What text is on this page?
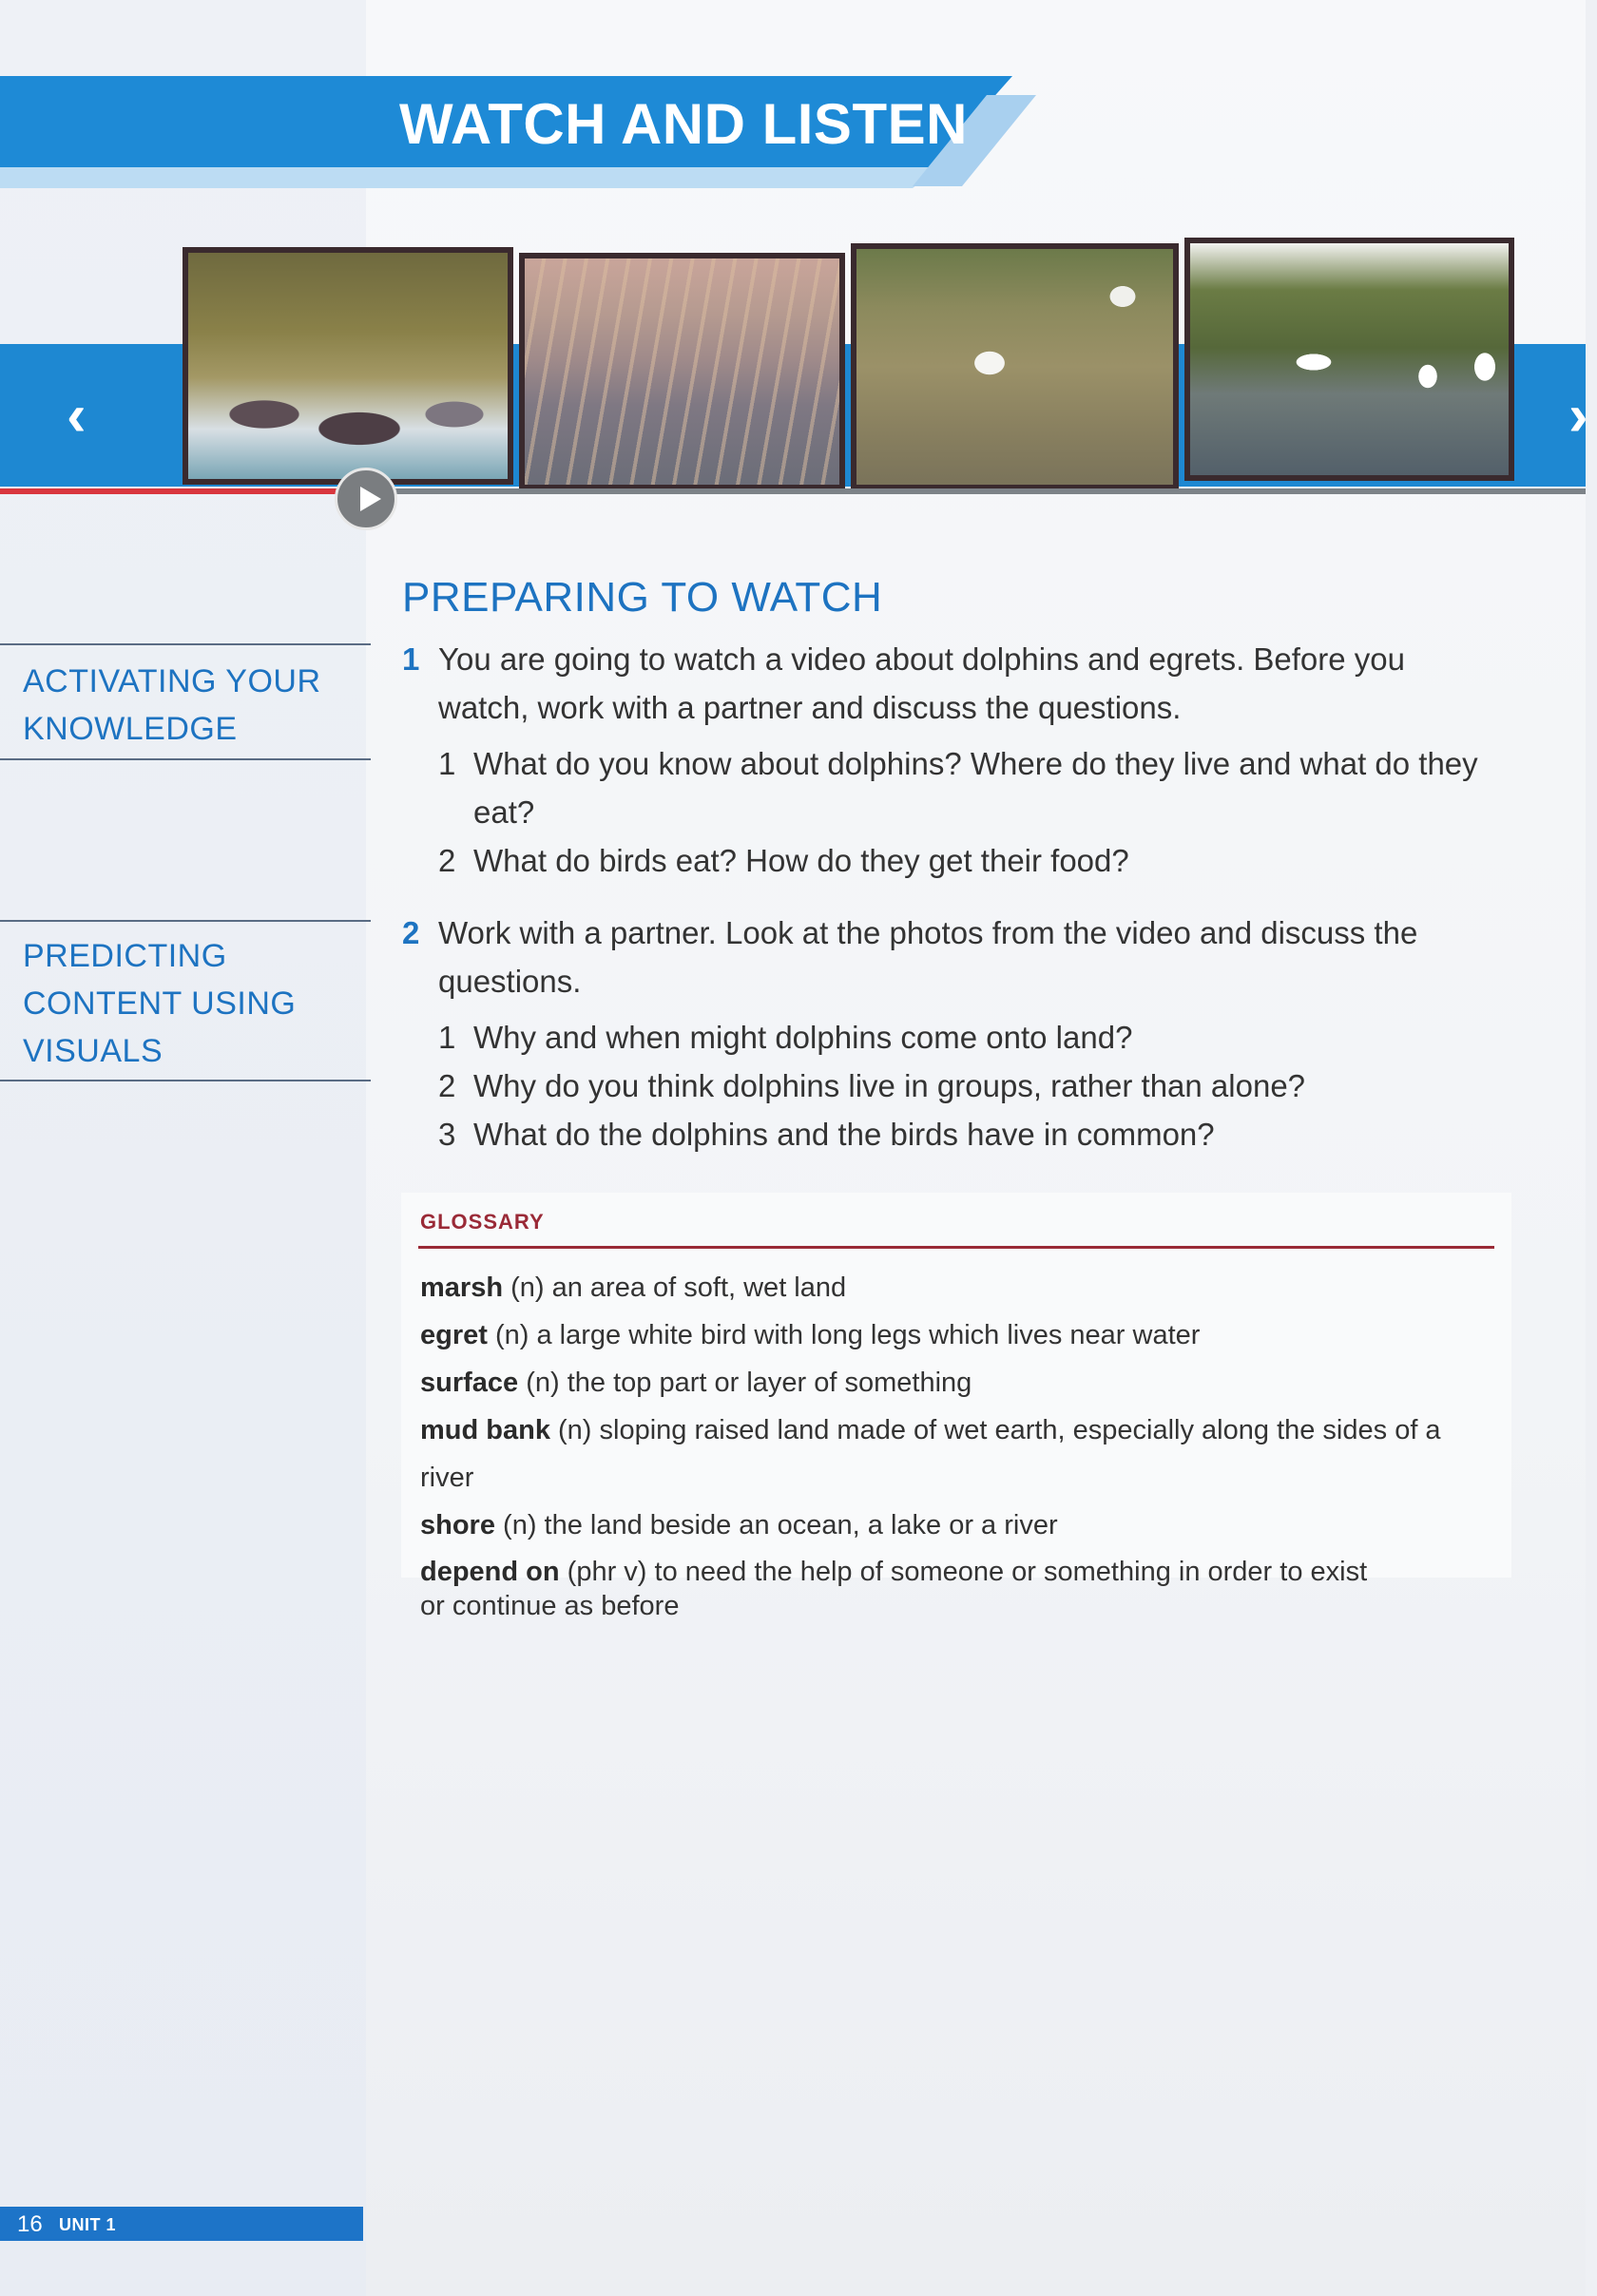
WATCH AND LISTEN
‹	›
ACTIVATING YOUR
KNOWLEDGE
PREDICTING
CONTENT USING
VISUALS
PREPARING TO WATCH
1 You are going to watch a video about dolphins and egrets. Before you watch, work with a partner and discuss the questions.
1 What do you know about dolphins? Where do they live and what do they eat?
2 What do birds eat? How do they get their food?
2 Work with a partner. Look at the photos from the video and discuss the questions.
1 Why and when might dolphins come onto land?
2 Why do you think dolphins live in groups, rather than alone?
3 What do the dolphins and the birds have in common?
GLOSSARY
marsh (n) an area of soft, wet land
egret (n) a large white bird with long legs which lives near water
surface (n) the top part or layer of something
mud bank (n) sloping raised land made of wet earth, especially along the sides of a river
shore (n) the land beside an ocean, a lake or a river
depend on (phr v) to need the help of someone or something in order to exist or continue as before
16 UNIT 1
